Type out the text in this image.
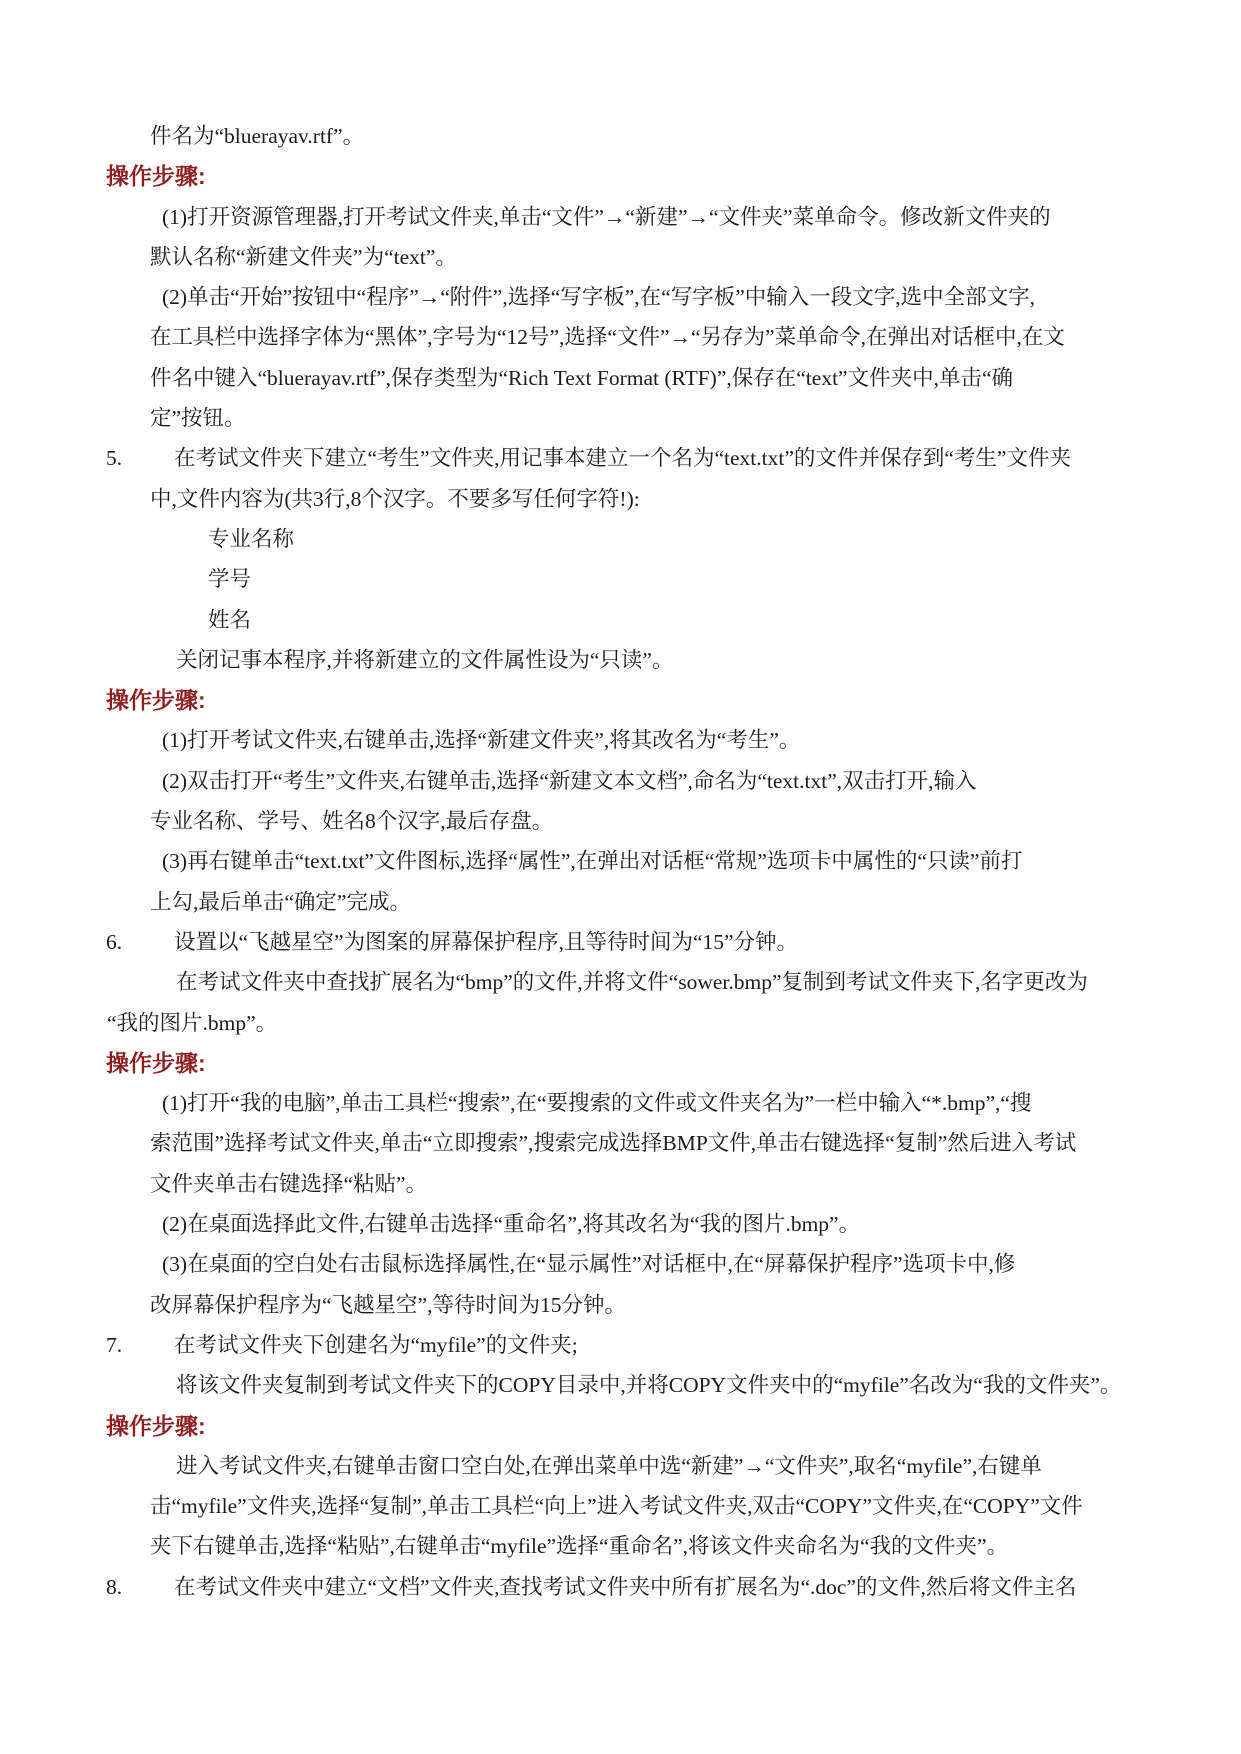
件名为“bluerayav.rtf”。
操作步骤:
(1)打开资源管理器,打开考试文件夹,单击“文件”→“新建”→“文件夹”菜单命令。修改新文件夹的
默认名称“新建文件夹”为“text”。
(2)单击“开始”按钮中“程序”→“附件”,选择“写字板”,在“写字板”中输入一段文字,选中全部文字,
在工具栏中选择字体为“黑体”,字号为“12号”,选择“文件”→“另存为”菜单命令,在弹出对话框中,在文
件名中键入“bluerayav.rtf”,保存类型为“Rich Text Format (RTF)”,保存在“text”文件夹中,单击“确
定”按钮。
5. 在考试文件夹下建立“考生”文件夹,用记事本建立一个名为“text.txt”的文件并保存到“考生”文件夹
中,文件内容为(共3行,8个汉字。不要多写任何字符!):
专业名称
学号
姓名
关闭记事本程序,并将新建立的文件属性设为“只读”。
操作步骤:
(1)打开考试文件夹,右键单击,选择“新建文件夹”,将其改名为“考生”。
(2)双击打开“考生”文件夹,右键单击,选择“新建文本文档”,命名为“text.txt”,双击打开,输入
专业名称、学号、姓名8个汉字,最后存盘。
(3)再右键单击“text.txt”文件图标,选择“属性”,在弹出对话框“常规”选项卡中属性的“只读”前打
上勾,最后单击“确定”完成。
6. 设置以“飞越星空”为图案的屏幕保护程序,且等待时间为“15”分钟。
在考试文件夹中查找扩展名为“bmp”的文件,并将文件“sower.bmp”复制到考试文件夹下,名字更改为
“我的图片.bmp”。
操作步骤:
(1)打开“我的电脑”,单击工具栏“搜索”,在“要搜索的文件或文件夹名为”一栏中输入“*.bmp”,“搜
索范围”选择考试文件夹,单击“立即搜索”,搜索完成选择BMP文件,单击右键选择“复制”然后进入考试
文件夹单击右键选择“粘贴”。
(2)在桌面选择此文件,右键单击选择“重命名”,将其改名为“我的图片.bmp”。
(3)在桌面的空白处右击鼠标选择属性,在“显示属性”对话框中,在“屏幕保护程序”选项卡中,修
改屏幕保护程序为“飞越星空”,等待时间为15分钟。
7. 在考试文件夹下创建名为“myfile”的文件夹;
将该文件夹复制到考试文件夹下的COPY目录中,并将COPY文件夹中的“myfile”名改为“我的文件夹”。
操作步骤:
进入考试文件夹,右键单击窗口空白处,在弹出菜单中选“新建”→“文件夹”,取名“myfile”,右键单
击“myfile”文件夹,选择“复制”,单击工具栏“向上”进入考试文件夹,双击“COPY”文件夹,在“COPY”文件
夹下右键单击,选择“粘贴”,右键单击“myfile”选择“重命名”,将该文件夹命名为“我的文件夹”。
8. 在考试文件夹中建立“文档”文件夹,查找考试文件夹中所有扩展名为“.doc”的文件,然后将文件主名
